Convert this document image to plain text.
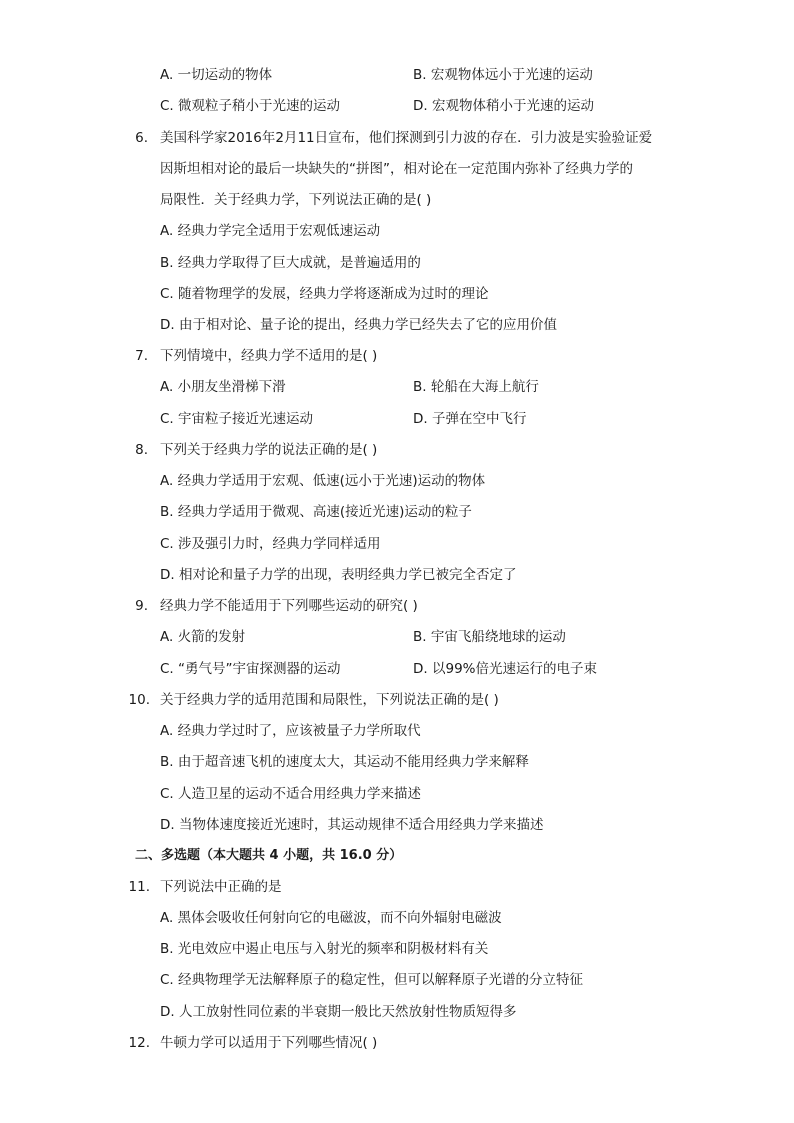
A. 一切运动的物体	B. 宏观物体远小于光速的运动
C. 微观粒子稍小于光速的运动	D. 宏观物体稍小于光速的运动
6. 美国科学家2016年2月11日宣布，他们探测到引力波的存在．引力波是实验验证爱
因斯坦相对论的最后一块缺失的“拼图”，相对论在一定范围内弥补了经典力学的
局限性．关于经典力学，下列说法正确的是( )
A. 经典力学完全适用于宏观低速运动
B. 经典力学取得了巨大成就，是普遍适用的
C. 随着物理学的发展，经典力学将逐渐成为过时的理论
D. 由于相对论、量子论的提出，经典力学已经失去了它的应用价值
7. 下列情境中，经典力学不适用的是( )
A. 小朋友坐滑梯下滑	B. 轮船在大海上航行
C. 宇宙粒子接近光速运动	D. 子弹在空中飞行
8. 下列关于经典力学的说法正确的是( )
A. 经典力学适用于宏观、低速(远小于光速)运动的物体
B. 经典力学适用于微观、高速(接近光速)运动的粒子
C. 涉及强引力时，经典力学同样适用
D. 相对论和量子力学的出现，表明经典力学已被完全否定了
9. 经典力学不能适用于下列哪些运动的研究( )
A. 火箭的发射	B. 宇宙飞船绕地球的运动
C. “勇气号”宇宙探测器的运动	D. 以99%倍光速运行的电子束
10. 关于经典力学的适用范围和局限性，下列说法正确的是( )
A. 经典力学过时了，应该被量子力学所取代
B. 由于超音速飞机的速度太大，其运动不能用经典力学来解释
C. 人造卫星的运动不适合用经典力学来描述
D. 当物体速度接近光速时，其运动规律不适合用经典力学来描述
二、多选题（本大题共 4 小题，共 16.0 分）
11. 下列说法中正确的是
A. 黑体会吸收任何射向它的电磁波，而不向外辐射电磁波
B. 光电效应中遏止电压与入射光的频率和阴极材料有关
C. 经典物理学无法解释原子的稳定性，但可以解释原子光谱的分立特征
D. 人工放射性同位素的半衰期一般比天然放射性物质短得多
12. 牛顿力学可以适用于下列哪些情况( )
